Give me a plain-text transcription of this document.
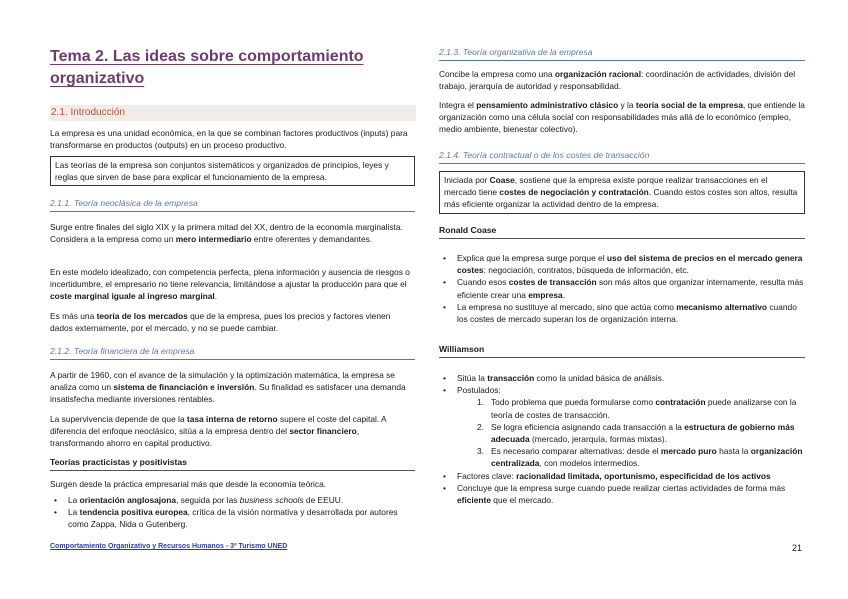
Tema 2. Las ideas sobre comportamiento organizativo
2.1. Introducción

La empresa es una unidad económica, en la que se combinan factores productivos (inputs) para transformarse en productos (outputs) en un proceso productivo.

Las teorías de la empresa son conjuntos sistemáticos y organizados de principios, leyes y reglas que sirven de base para explicar el funcionamiento de la empresa.

2.1.1. Teoría neoclásica de la empresa

Surge entre finales del siglo XIX y la primera mitad del XX, dentro de la economía marginalista. Considera a la empresa como un mero intermediario entre oferentes y demandantes.

En este modelo idealizado, con competencia perfecta, plena información y ausencia de riesgos o incertidumbre, el empresario no tiene relevancia, limitándose a ajustar la producción para que el coste marginal iguale al ingreso marginal.

Es más una teoría de los mercados que de la empresa, pues los precios y factores vienen dados externamente, por el mercado, y no se puede cambiar.

2.1.2. Teoría financiera de la empresa

A partir de 1960, con el avance de la simulación y la optimización matemática, la empresa se analiza como un sistema de financiación e inversión. Su finalidad es satisfacer una demanda insatisfecha mediante inversiones rentables.

La supervivencia depende de que la tasa interna de retorno supere el coste del capital. A diferencia del enfoque neoclásico, sitúa a la empresa dentro del sector financiero, transformando ahorro en capital productivo.

Teorías practicistas y positivistas

Surgen desde la práctica empresarial más que desde la economía teórica.

• La orientación anglosajona, seguida por las business schools de EEUU.
• La tendencia positiva europea, crítica de la visión normativa y desarrollada por autores como Zappa, Nida o Gutenberg.
2.1.3. Teoría organizativa de la empresa

Concibe la empresa como una organización racional: coordinación de actividades, división del trabajo, jerarquía de autoridad y responsabilidad.

Integra el pensamiento administrativo clásico y la teoría social de la empresa, que entiende la organización como una célula social con responsabilidades más allá de lo económico (empleo, medio ambiente, bienestar colectivo).

2.1.4. Teoría contractual o de los costes de transacción

Iniciada por Coase, sostiene que la empresa existe porque realizar transacciones en el mercado tiene costes de negociación y contratación. Cuando estos costes son altos, resulta más eficiente organizar la actividad dentro de la empresa.

Ronald Coase
• Explica que la empresa surge porque el uso del sistema de precios en el mercado genera costes: negociación, contratos, búsqueda de información, etc.
• Cuando esos costes de transacción son más altos que organizar internamente, resulta más eficiente crear una empresa.
• La empresa no sustituye al mercado, sino que actúa como mecanismo alternativo cuando los costes de mercado superan los de organización interna.
Williamson
• Sitúa la transacción como la unidad básica de análisis.
• Postulados:
1. Todo problema que pueda formularse como contratación puede analizarse con la teoría de costes de transacción.
2. Se logra eficiencia asignando cada transacción a la estructura de gobierno más adecuada (mercado, jerarquía, formas mixtas).
3. Es necesario comparar alternativas: desde el mercado puro hasta la organización centralizada, con modelos intermedios.
• Factores clave: racionalidad limitada, oportunismo, especificidad de los activos
• Concluye que la empresa surge cuando puede realizar ciertas actividades de forma más eficiente que el mercado.
Comportamiento Organizativo y Recursos Humanos - 3º Turismo UNED	21
